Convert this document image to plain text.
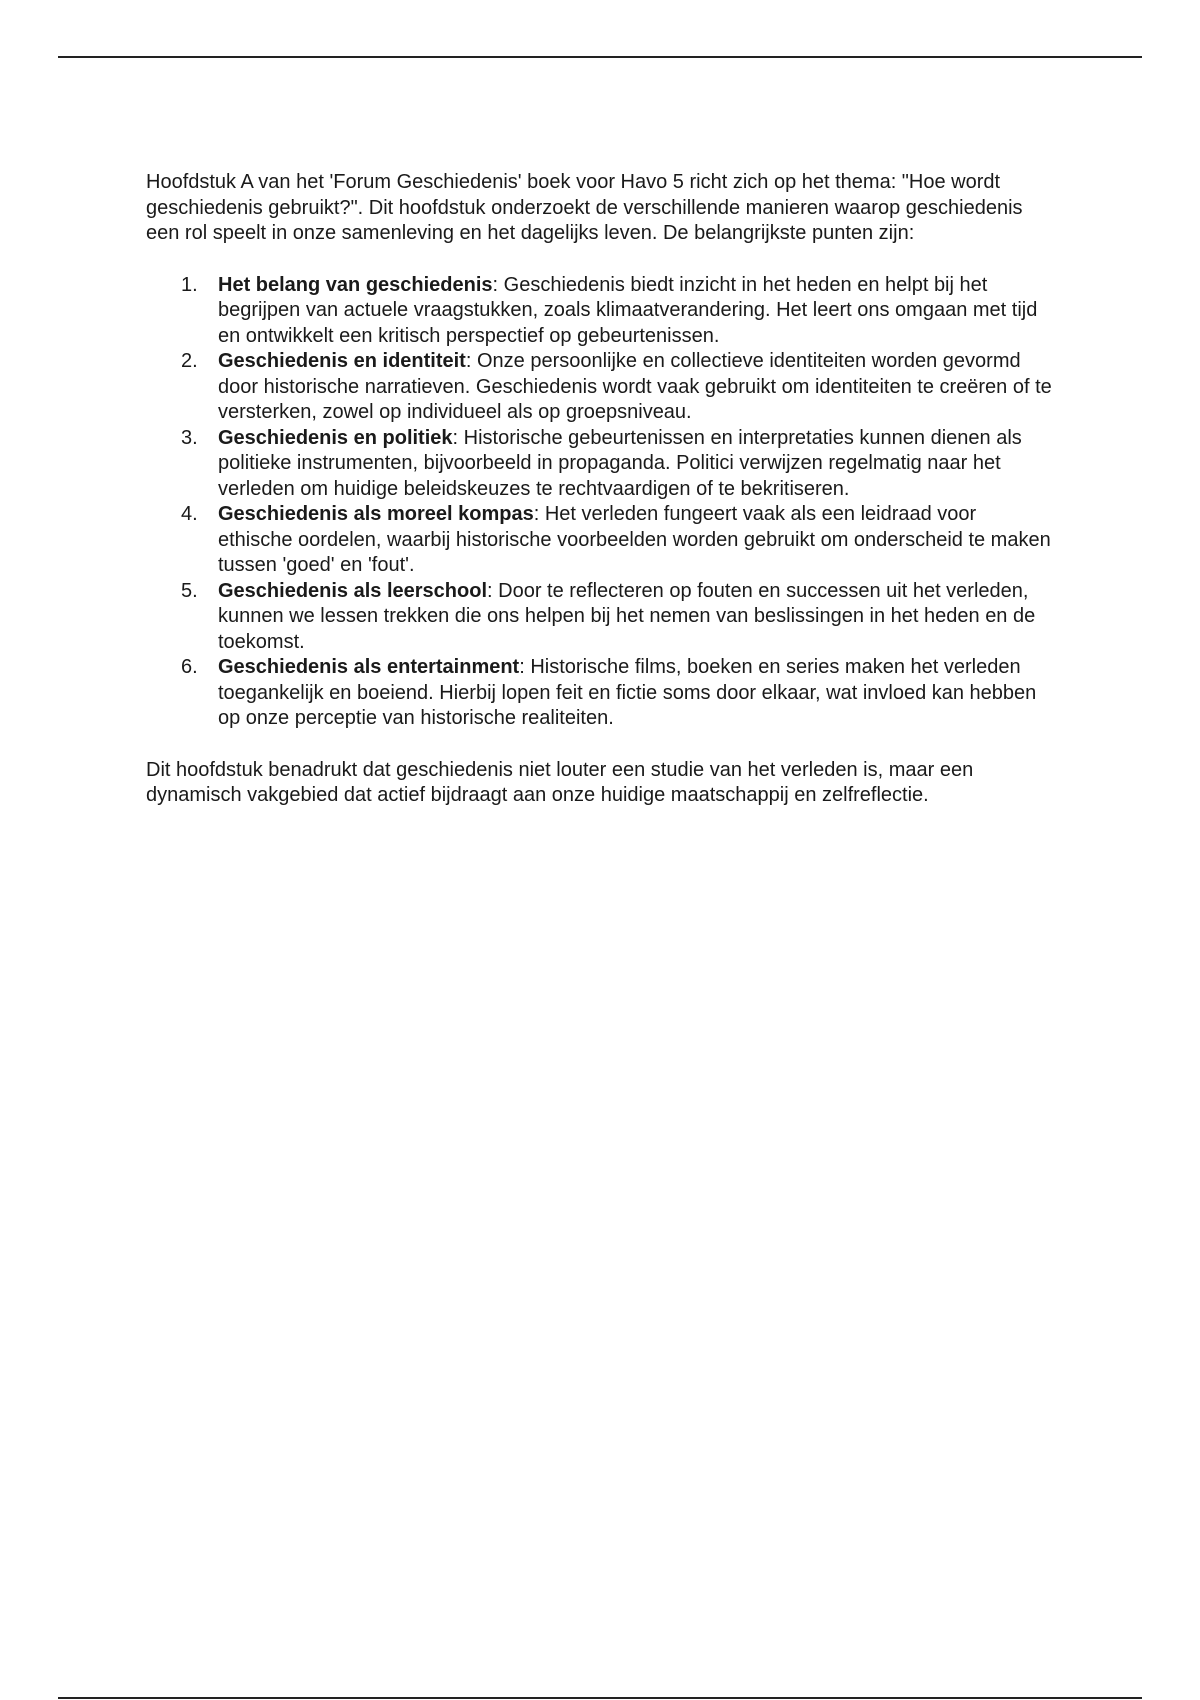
Hoofdstuk A van het 'Forum Geschiedenis' boek voor Havo 5 richt zich op het thema: "Hoe wordt geschiedenis gebruikt?". Dit hoofdstuk onderzoekt de verschillende manieren waarop geschiedenis een rol speelt in onze samenleving en het dagelijks leven. De belangrijkste punten zijn:

1. Het belang van geschiedenis: Geschiedenis biedt inzicht in het heden en helpt bij het begrijpen van actuele vraagstukken, zoals klimaatverandering. Het leert ons omgaan met tijd en ontwikkelt een kritisch perspectief op gebeurtenissen.
2. Geschiedenis en identiteit: Onze persoonlijke en collectieve identiteiten worden gevormd door historische narratieven. Geschiedenis wordt vaak gebruikt om identiteiten te creëren of te versterken, zowel op individueel als op groepsniveau.
3. Geschiedenis en politiek: Historische gebeurtenissen en interpretaties kunnen dienen als politieke instrumenten, bijvoorbeeld in propaganda. Politici verwijzen regelmatig naar het verleden om huidige beleidskeuzes te rechtvaardigen of te bekritiseren.
4. Geschiedenis als moreel kompas: Het verleden fungeert vaak als een leidraad voor ethische oordelen, waarbij historische voorbeelden worden gebruikt om onderscheid te maken tussen 'goed' en 'fout'.
5. Geschiedenis als leerschool: Door te reflecteren op fouten en successen uit het verleden, kunnen we lessen trekken die ons helpen bij het nemen van beslissingen in het heden en de toekomst.
6. Geschiedenis als entertainment: Historische films, boeken en series maken het verleden toegankelijk en boeiend. Hierbij lopen feit en fictie soms door elkaar, wat invloed kan hebben op onze perceptie van historische realiteiten.

Dit hoofdstuk benadrukt dat geschiedenis niet louter een studie van het verleden is, maar een dynamisch vakgebied dat actief bijdraagt aan onze huidige maatschappij en zelfreflectie.
